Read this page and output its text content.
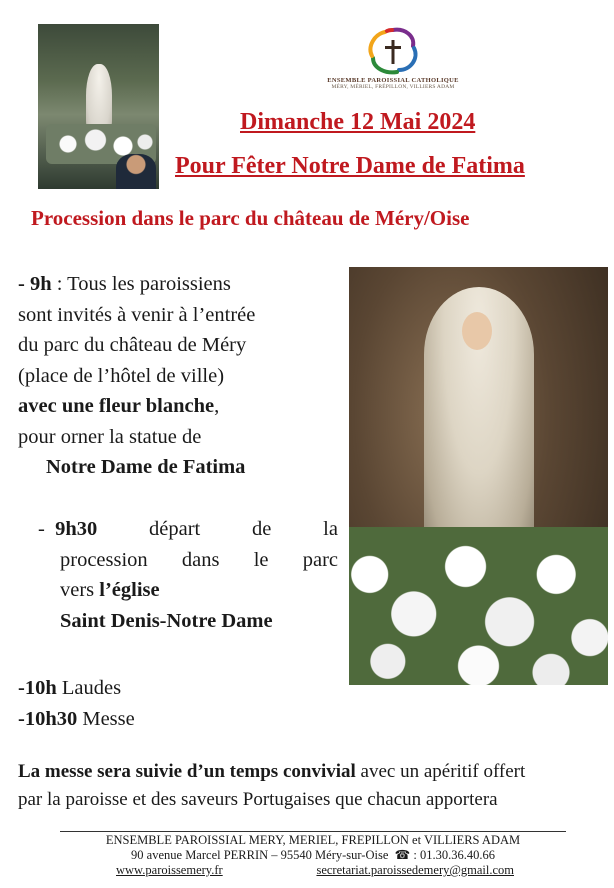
ENSEMBLE PAROISSIAL CATHOLIQUE
MÉRY, MÉRIEL, FRÉPILLON, VILLIERS ADAM
Dimanche 12 Mai 2024
Pour Fêter Notre Dame de Fatima
Procession dans le parc du château de Méry/Oise
- 9h : Tous les paroissiens
sont invités à venir à l’entrée
du parc du château de Méry
(place de l’hôtel de ville)
avec une fleur blanche,
pour orner la statue de
Notre Dame de Fatima
- 9h30	départ	de	la
procession dans le parc
vers l’église
Saint Denis-Notre Dame
-10h Laudes
-10h30 Messe
La messe sera suivie d’un temps convivial avec un apéritif offert
par la paroisse et des saveurs Portugaises que chacun apportera
ENSEMBLE PAROISSIAL MERY, MERIEL, FREPILLON et VILLIERS ADAM
90 avenue Marcel PERRIN – 95540 Méry-sur-Oise ☎ : 01.30.36.40.66
www.paroissemery.fr	secretariat.paroissedemery@gmail.com
